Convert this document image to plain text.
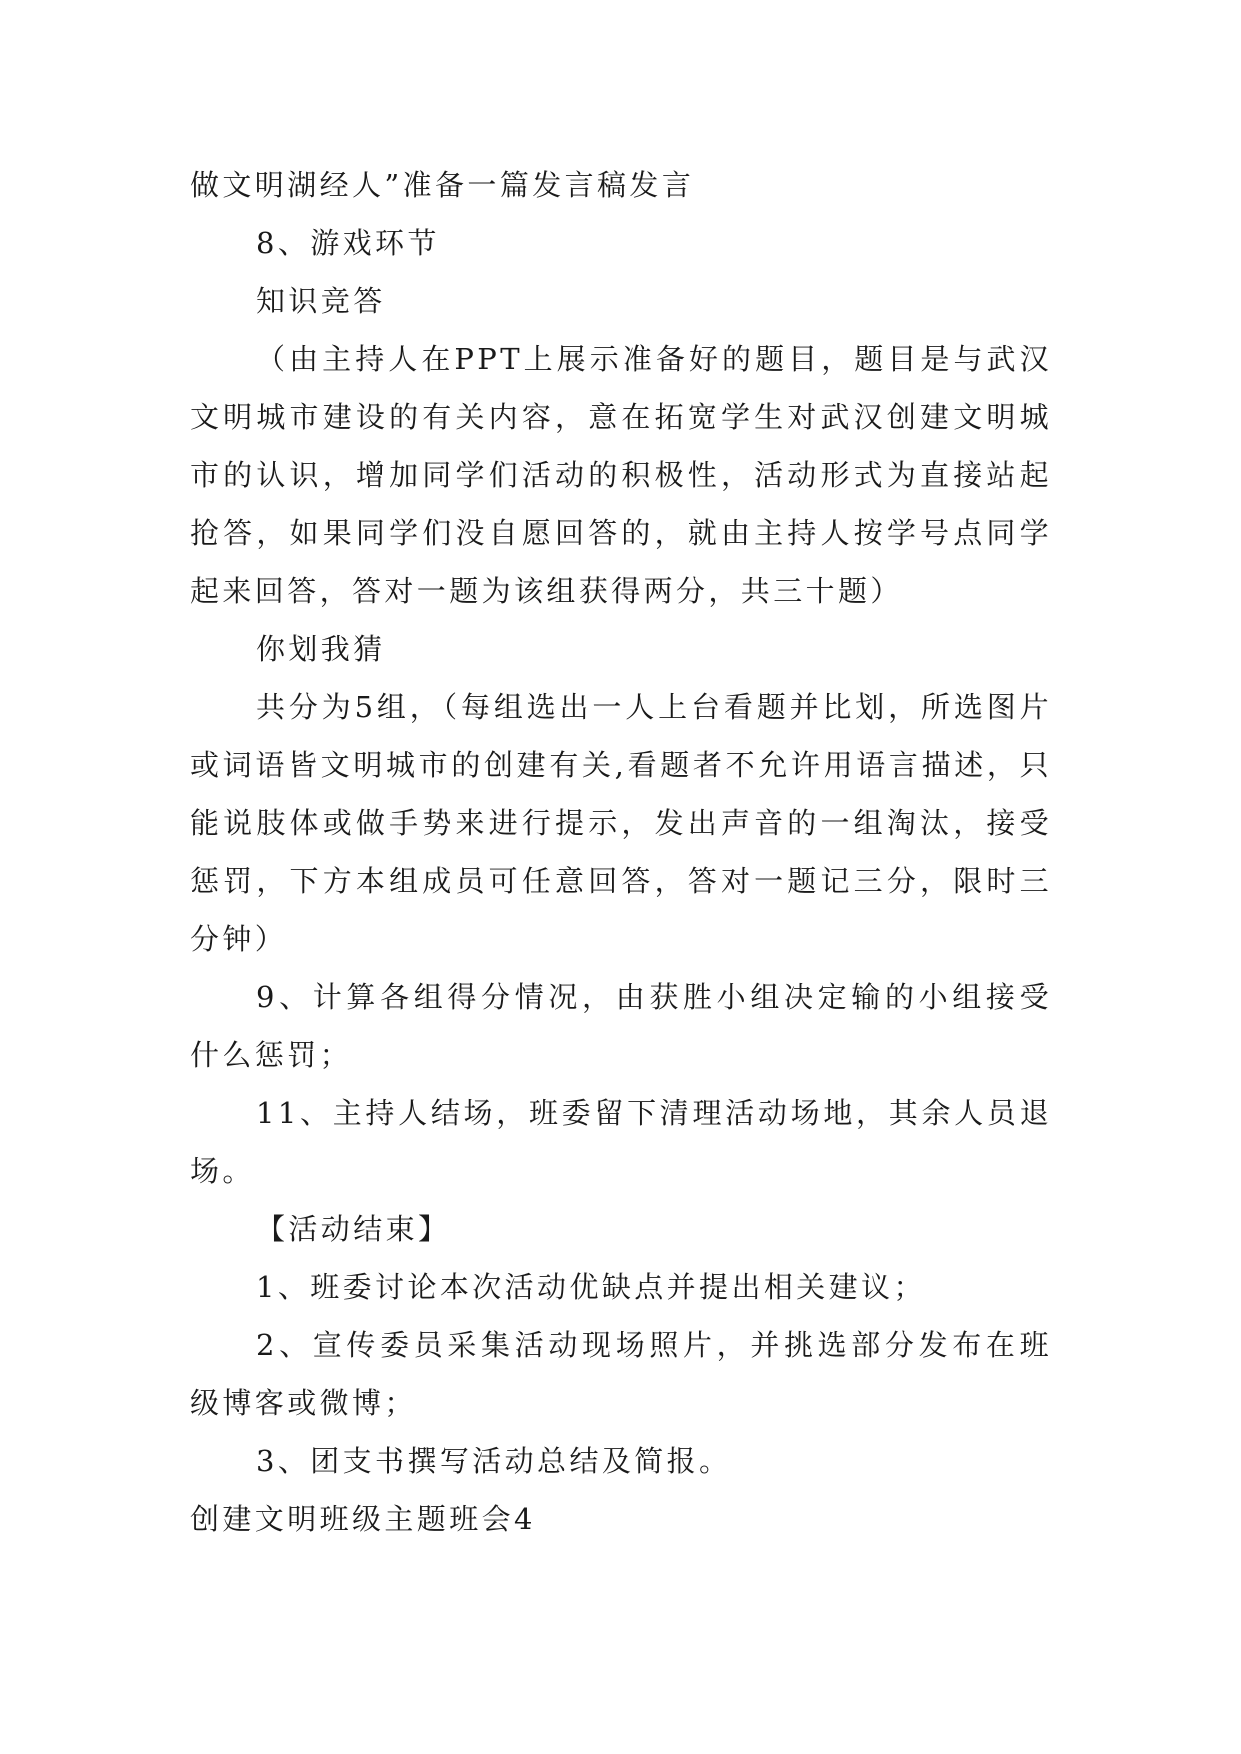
做文明湖经人”准备一篇发言稿发言

8、游戏环节

知识竞答

（由主持人在PPT上展示准备好的题目，题目是与武汉文明城市建设的有关内容，意在拓宽学生对武汉创建文明城市的认识，增加同学们活动的积极性，活动形式为直接站起抢答，如果同学们没自愿回答的，就由主持人按学号点同学起来回答，答对一题为该组获得两分，共三十题）

你划我猜

共分为5组，（每组选出一人上台看题并比划，所选图片或词语皆文明城市的创建有关,看题者不允许用语言描述，只能说肢体或做手势来进行提示，发出声音的一组淘汰，接受惩罚，下方本组成员可任意回答，答对一题记三分，限时三分钟）

9、计算各组得分情况，由获胜小组决定输的小组接受什么惩罚；

11、主持人结场，班委留下清理活动场地，其余人员退场。

【活动结束】

1、班委讨论本次活动优缺点并提出相关建议；

2、宣传委员采集活动现场照片，并挑选部分发布在班级博客或微博；

3、团支书撰写活动总结及简报。

创建文明班级主题班会4
